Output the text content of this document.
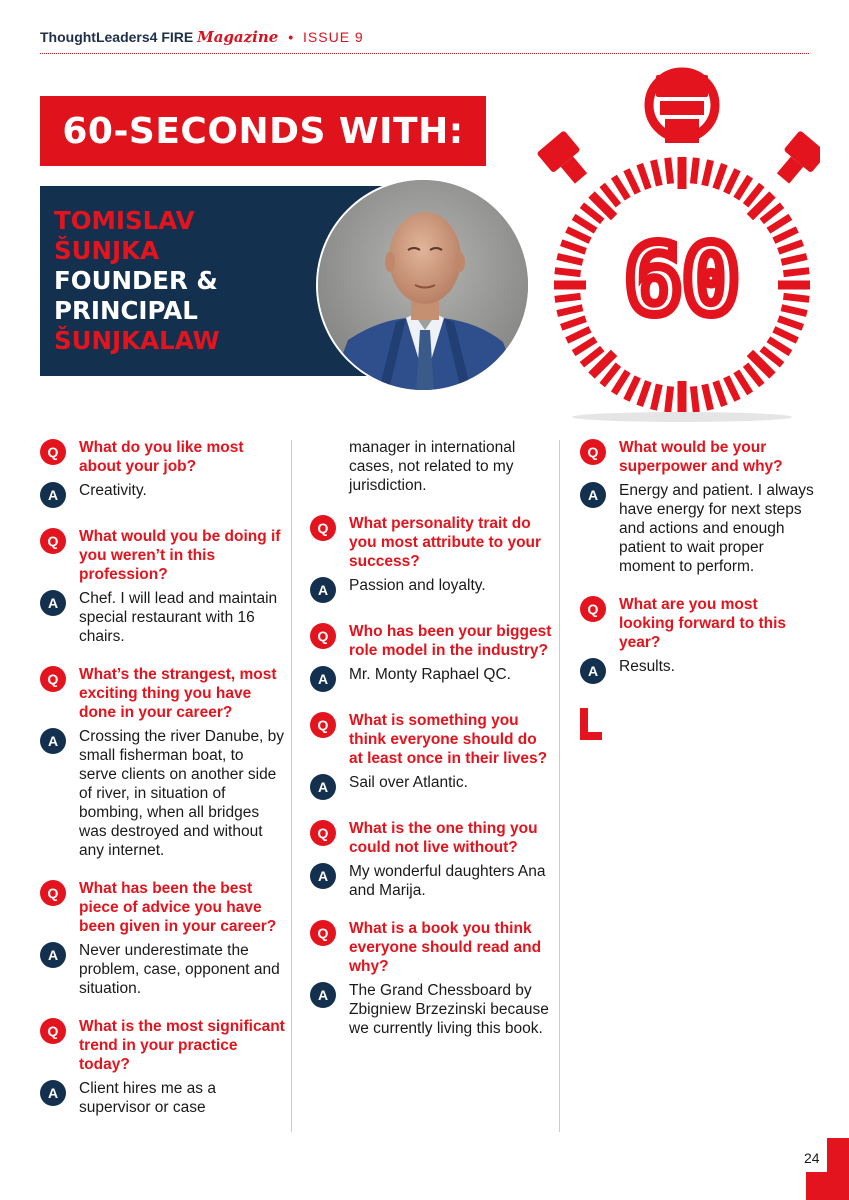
ThoughtLeaders4 FIRE Magazine • ISSUE 9
60-SECONDS WITH:
TOMISLAV
ŠUNJKA
FOUNDER &
PRINCIPAL
ŠUNJKALAW
60
Q	What do you like most about your job?
A	Creativity.
Q	What would you be doing if you weren’t in this profession?
A	Chef. I will lead and maintain special restaurant with 16 chairs.
Q	What’s the strangest, most exciting thing you have done in your career?
A	Crossing the river Danube, by small fisherman boat, to serve clients on another side of river, in situation of bombing, when all bridges was destroyed and without any internet.
Q	What has been the best piece of advice you have been given in your career?
A	Never underestimate the problem, case, opponent and situation.
Q	What is the most significant trend in your practice today?
A	Client hires me as a supervisor or case
manager in international cases, not related to my jurisdiction.
Q	What personality trait do you most attribute to your success?
A	Passion and loyalty.
Q	Who has been your biggest role model in the industry?
A	Mr. Monty Raphael QC.
Q	What is something you think everyone should do at least once in their lives?
A	Sail over Atlantic.
Q	What is the one thing you could not live without?
A	My wonderful daughters Ana and Marija.
Q	What is a book you think everyone should read and why?
A	The Grand Chessboard by Zbigniew Brzezinski because we currently living this book.
Q	What would be your superpower and why?
A	Energy and patient. I always have energy for next steps and actions and enough patient to wait proper moment to perform.
Q	What are you most looking forward to this year?
A	Results.
24
